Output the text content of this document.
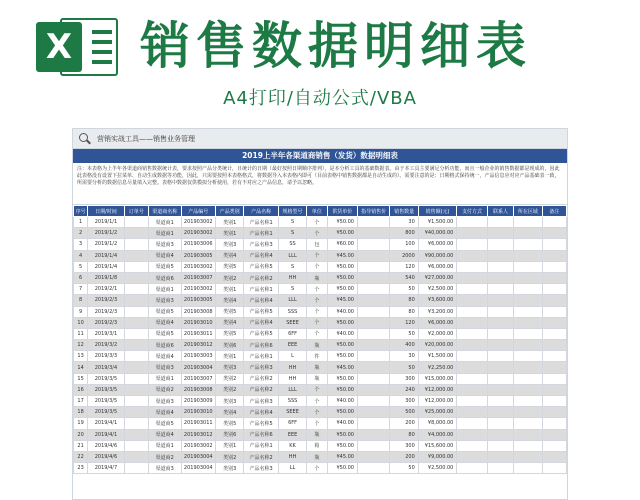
X 销售数据明细表
A4打印/自动公式/VBA
营销实战工具——销售业务管理
2019上半年各渠道商销售（发货）数据明细表
注：本表格为上半年各渠道商销售数据统计表，要求按照产品分类统计，且统计的日期（最好按照日期顺序排列），是本分析工具的基础数据表。由于本工具主要满足分析功能，而且一般企业的销售数据都是现成的，因此此表格没有设置下拉菜单、自动生成数据等功能，因此，只需要按照本表格格式，将数据导入本表格内即可（目前表格中销售数据都是自动生成的）。需要注意的是：日期格式保持统一，产品信息应对应产品基础表一致，所需要分析的数据信息尽量填入完整。表格中数据仅供模拟分析使用，若有不对应之产品信息，请予以忽略。
序号	日期/时间	订单号	渠道商名称	产品编号	产品类别	产品名称	规格型号	单位	供货单价	指导销售价	销售数量	销售额(元)	支付方式	联系人	所在区域	备注
1	2019/1/1		渠道商1	201903002	类别1	产品名称1	S	个	¥50.00		30	¥1,500.00				
2	2019/1/2		渠道商1	201903002	类别1	产品名称1	S	个	¥50.00		800	¥40,000.00				
3	2019/1/2		渠道商3	201903006	类别3	产品名称3	SS	包	¥60.00		100	¥6,000.00				
4	2019/1/4		渠道商4	201903005	类别4	产品名称4	LLL	个	¥45.00		2000	¥90,000.00				
5	2019/1/4		渠道商5	201903002	类别5	产品名称5	S	个	¥50.00		120	¥6,000.00				
6	2019/1/8		渠道商6	201903007	类别2	产品名称2	HH	瓶	¥50.00		540	¥27,000.00				
7	2019/2/1		渠道商1	201903002	类别1	产品名称1	S	个	¥50.00		50	¥2,500.00				
8	2019/2/3		渠道商3	201903005	类别4	产品名称4	LLL	个	¥45.00		80	¥3,600.00				
9	2019/2/3		渠道商5	201903008	类别5	产品名称5	SSS	个	¥40.00		80	¥3,200.00				
10	2019/2/3		渠道商4	201903010	类别4	产品名称4	SEEE	个	¥50.00		120	¥6,000.00				
11	2019/3/1		渠道商5	201903011	类别5	产品名称5	6FF	个	¥40.00		50	¥2,000.00				
12	2019/3/2		渠道商6	201903012	类别6	产品名称6	EEE	瓶	¥50.00		400	¥20,000.00				
13	2019/3/3		渠道商4	201903003	类别1	产品名称1	L	件	¥50.00		30	¥1,500.00				
14	2019/3/4		渠道商3	201903004	类别3	产品名称3	HH	瓶	¥45.00		50	¥2,250.00				
15	2019/3/5		渠道商1	201903007	类别2	产品名称2	HH	瓶	¥50.00		300	¥15,000.00				
16	2019/3/5		渠道商2	201903008	类别2	产品名称2	LLL	个	¥50.00		240	¥12,000.00				
17	2019/3/5		渠道商3	201903009	类别3	产品名称3	SSS	个	¥40.00		300	¥12,000.00				
18	2019/3/5		渠道商4	201903010	类别4	产品名称4	SEEE	个	¥50.00		500	¥25,000.00				
19	2019/4/1		渠道商5	201903011	类别5	产品名称5	6FF	个	¥40.00		200	¥8,000.00				
20	2019/4/1		渠道商4	201903012	类别6	产品名称6	EEE	瓶	¥50.00		80	¥4,000.00				
21	2019/4/6		渠道商1	201903002	类别1	产品名称1	KK	箱	¥50.00		300	¥15,600.00				
22	2019/4/6		渠道商2	201903004	类别2	产品名称2	HH	瓶	¥45.00		200	¥9,000.00				
23	2019/4/7		渠道商3	201903004	类别3	产品名称3	LL	个	¥50.00		50	¥2,500.00				
